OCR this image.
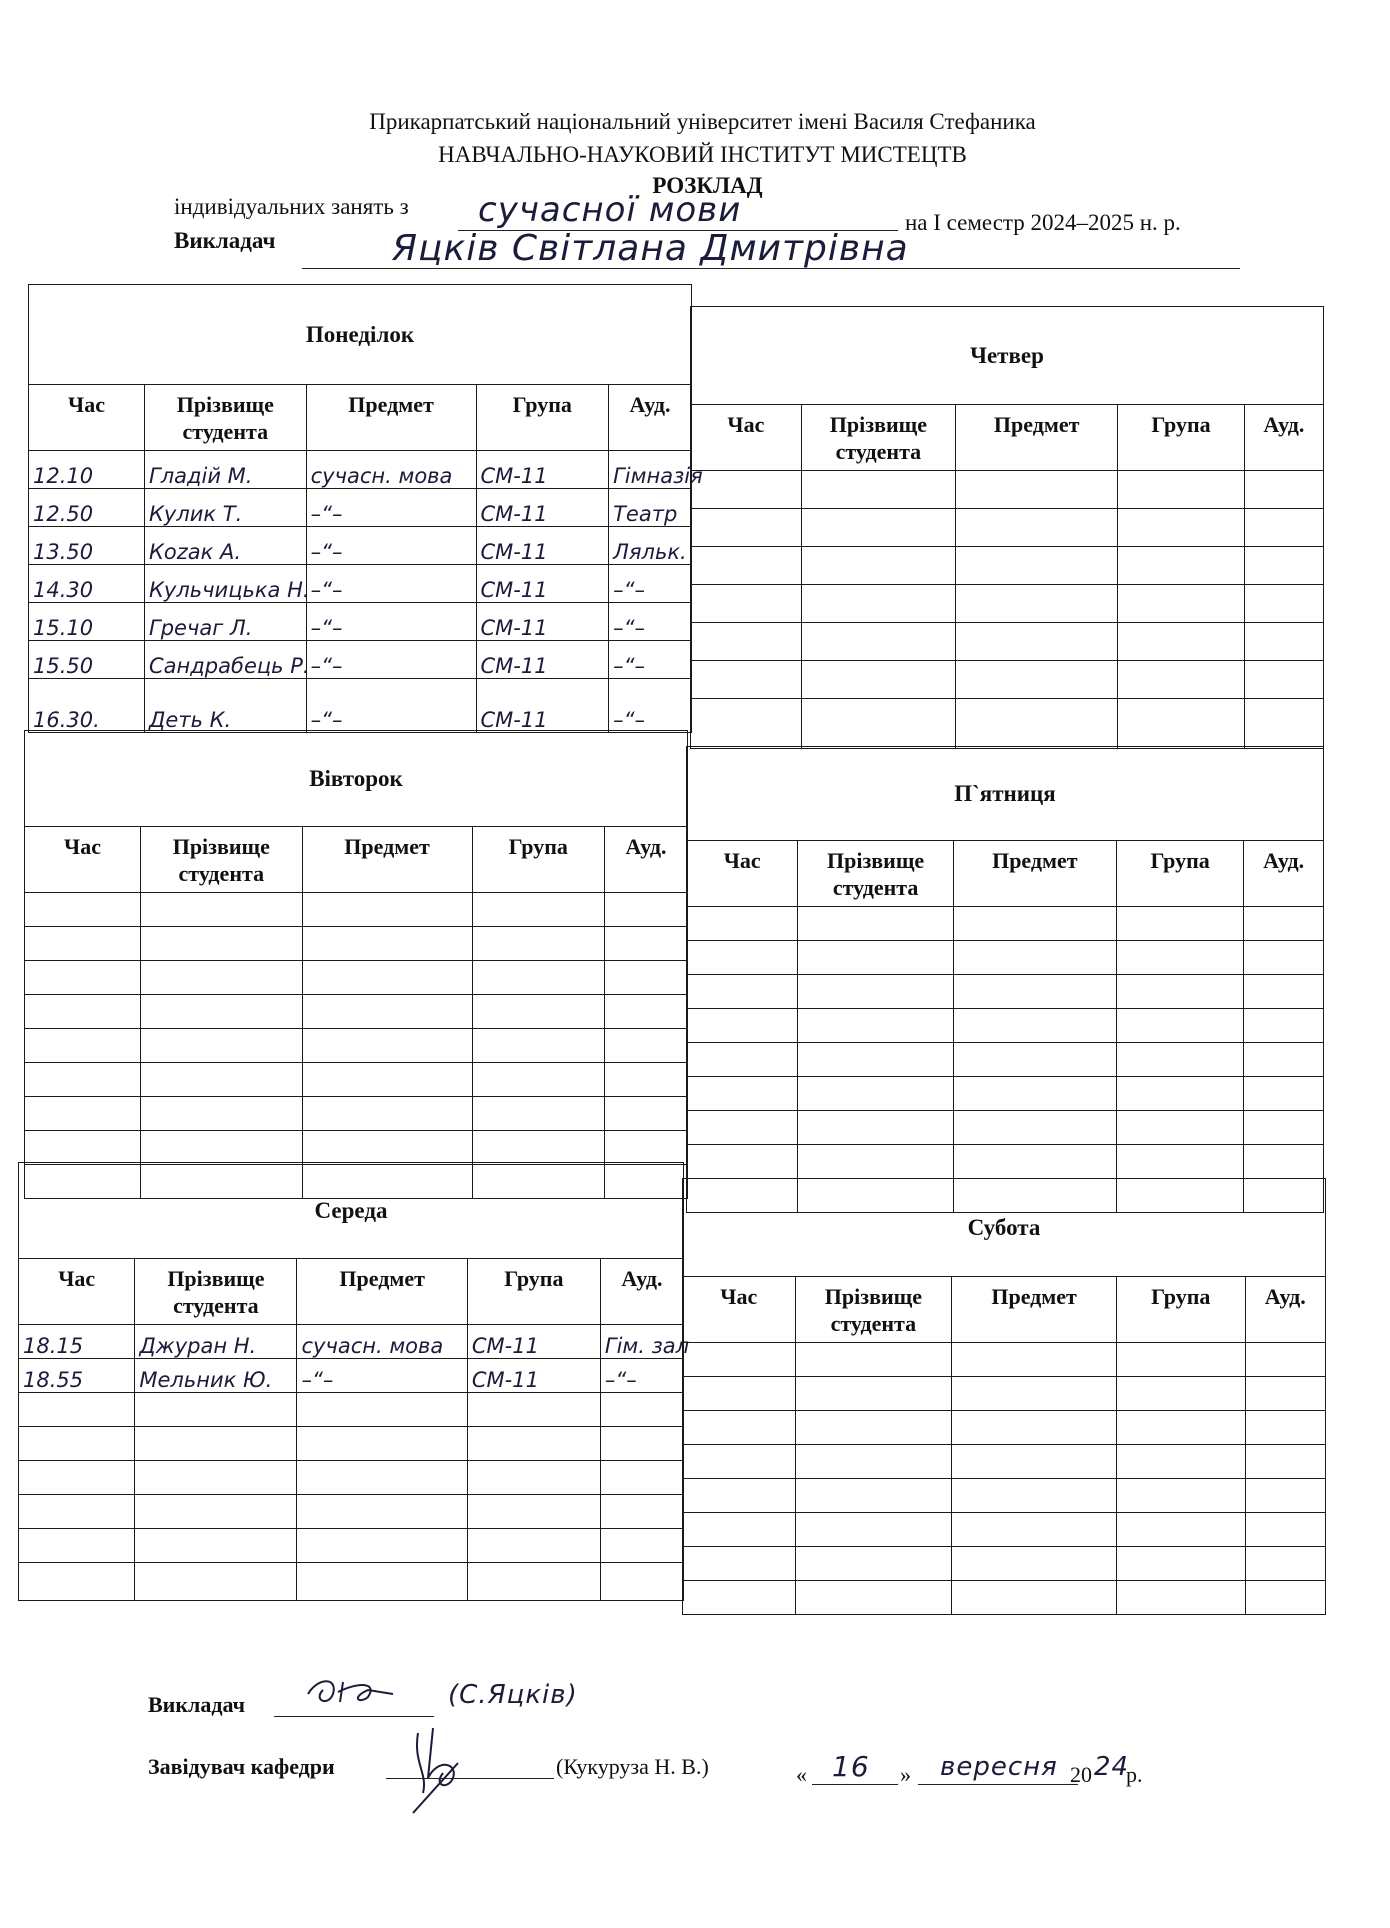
Прикарпатський національний університет імені Василя Стефаника
НАВЧАЛЬНО-НАУКОВИЙ ІНСТИТУТ МИСТЕЦТВ
РОЗКЛАД
індивідуальних занять з сучасної мови	на І семестр 2024–2025 н. р.
Викладач	Яцків Світлана Дмитрівна
Понеділок				
Час	Прізвище студента	Предмет	Група	Ауд.
12.10	Гладій М.	сучасн. мова	СМ-11	Гімназія
12.50	Кулик Т.	–“–	СМ-11	Театр
13.50	Коzак А.	–“–	СМ-11	Ляльк.
14.30	Кульчицька Н.	–“–	СМ-11	–“–
15.10	Гречаг Л.	–“–	СМ-11	–“–
15.50	Сандрабець Р.	–“–	СМ-11	–“–
16.30.	Деть К.	–“–	СМ-11	–“–
Четвер				
Час	Прізвище студента	Предмет	Група	Ауд.

Вівторок				
Час	Прізвище студента	Предмет	Група	Ауд.

П`ятниця				
Час	Прізвище студента	Предмет	Група	Ауд.

Середа				
Час	Прізвище студента	Предмет	Група	Ауд.
18.15	Джуран Н.	сучасн. мова	СМ-11	Гім. зал
18.55	Мельник Ю.	–“–	СМ-11	–“–

Субота				
Час	Прізвище студента	Предмет	Група	Ауд.

Викладач	(С.Яцків)
Завідувач кафедри	(Кукуруза Н. В.)	« 16 » вересня 20 24
р.
